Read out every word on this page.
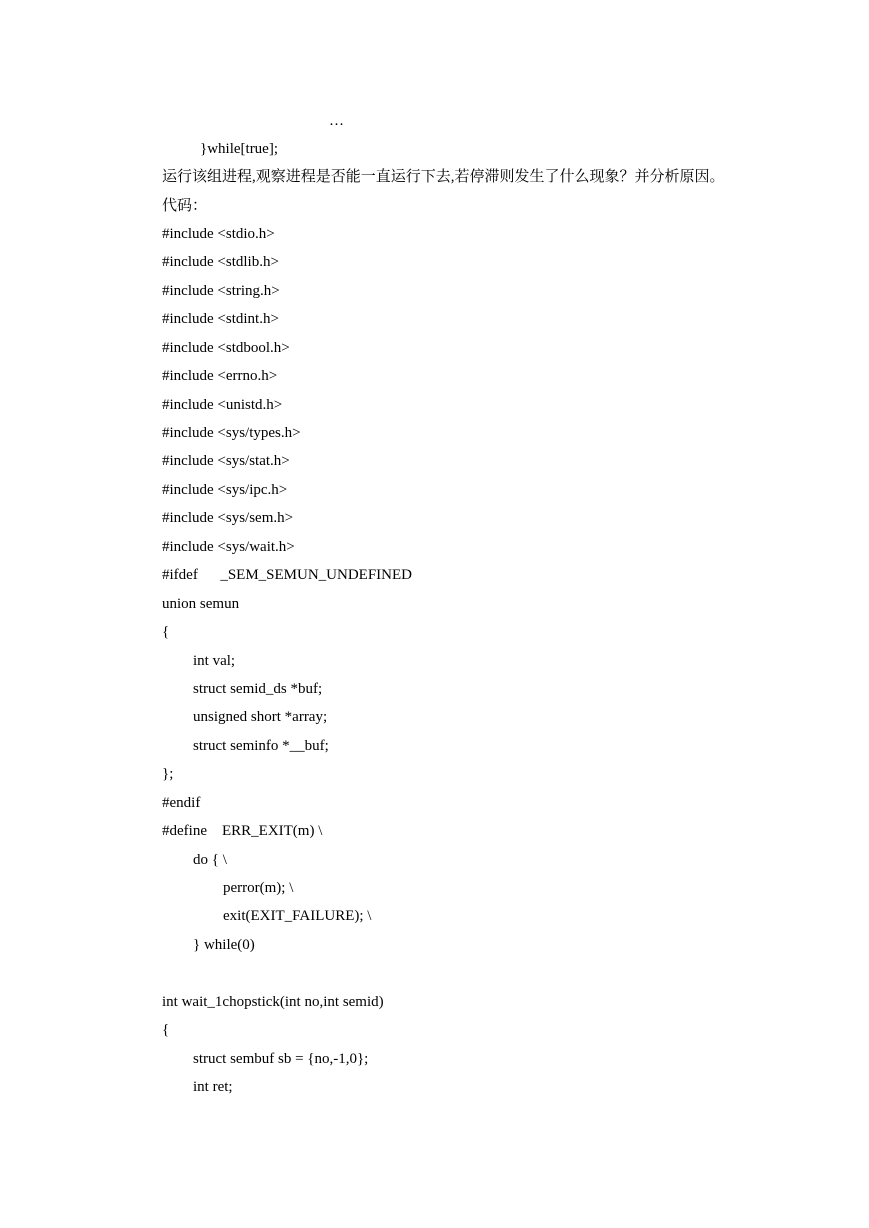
…
}while[true];
运行该组进程,观察进程是否能一直运行下去,若停滞则发生了什么现象？并分析原因。
代码：
#include <stdio.h>
#include <stdlib.h>
#include <string.h>
#include <stdint.h>
#include <stdbool.h>
#include <errno.h>
#include <unistd.h>
#include <sys/types.h>
#include <sys/stat.h>
#include <sys/ipc.h>
#include <sys/sem.h>
#include <sys/wait.h>
#ifdef      _SEM_SEMUN_UNDEFINED
union semun
{
int val;
struct semid_ds *buf;
unsigned short *array;
struct seminfo *__buf;
};
#endif
#define    ERR_EXIT(m) \
do { \
perror(m); \
exit(EXIT_FAILURE); \
} while(0)
int wait_1chopstick(int no,int semid)
{
struct sembuf sb = {no,-1,0};
int ret;
